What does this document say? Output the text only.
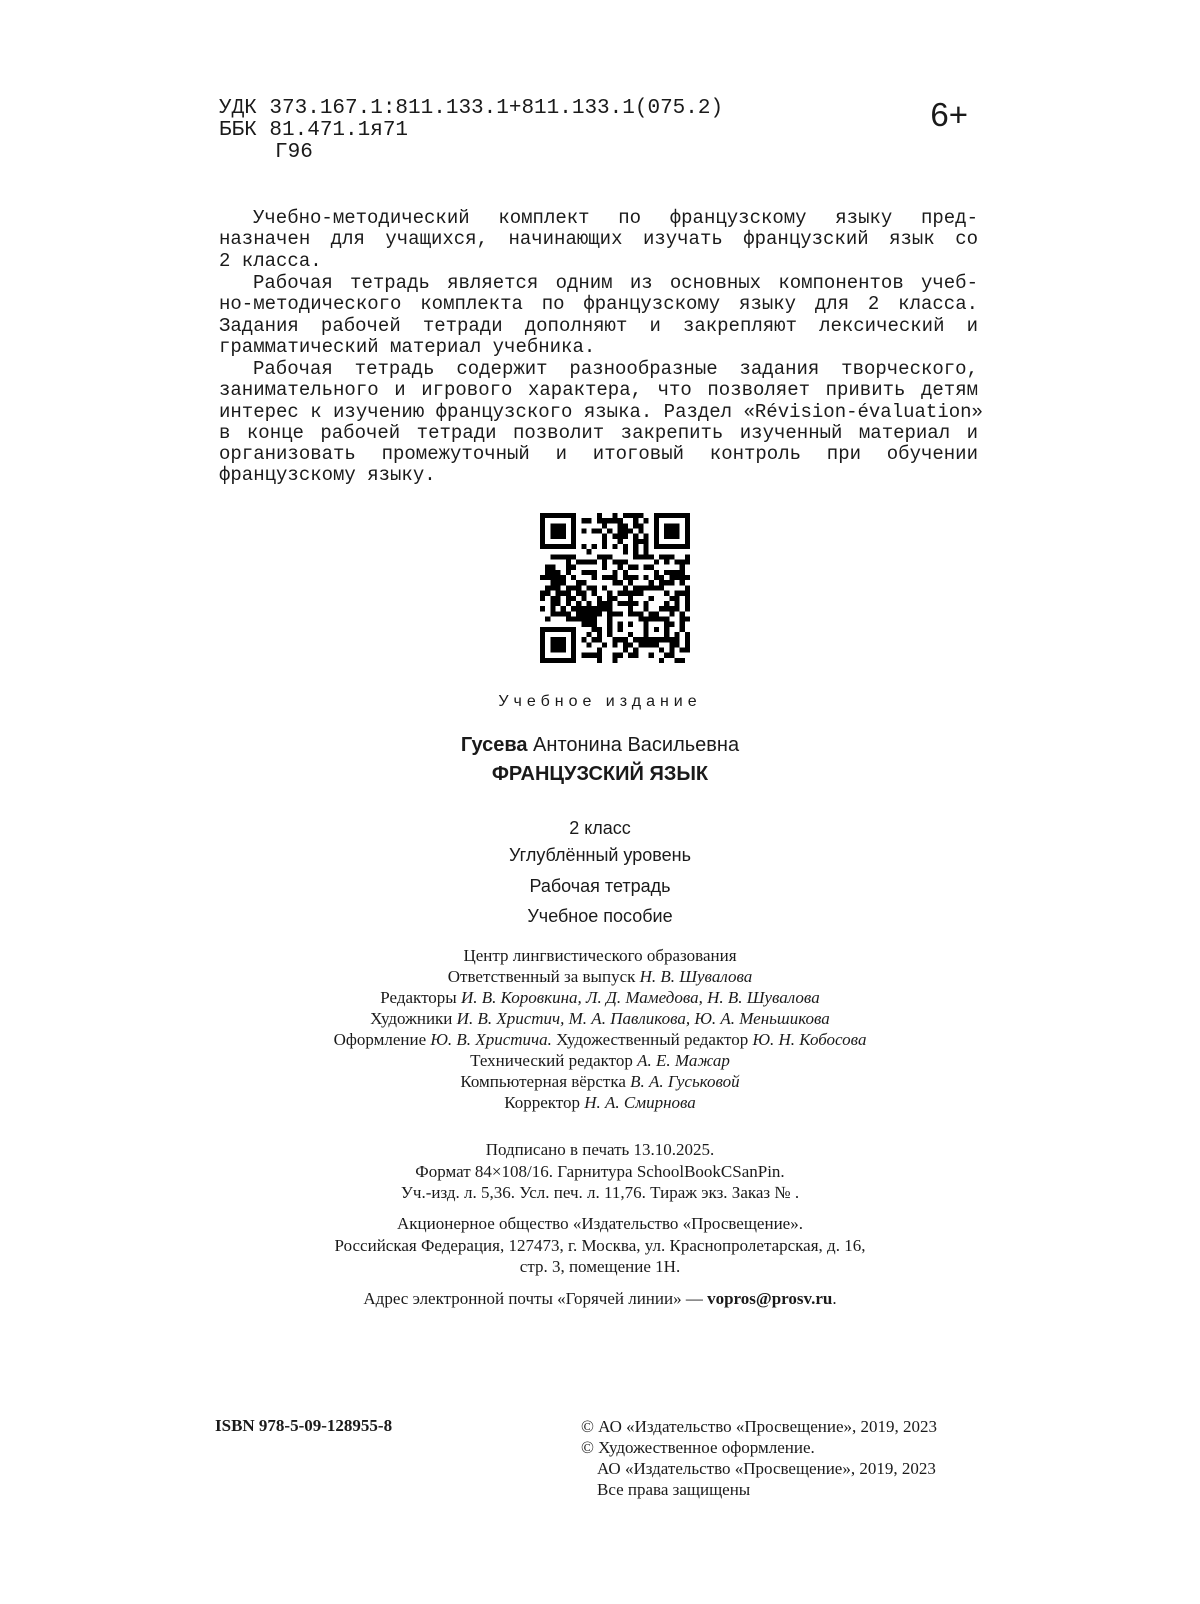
УДК 373.167.1:811.133.1+811.133.1(075.2)
ББК 81.471.1я71
Г96
6+
Учебно-методический комплект по французскому языку пред-
назначен для учащихся, начинающих изучать французский язык со
2 класса.
Рабочая тетрадь является одним из основных компонентов учеб-
но-методического комплекта по французскому языку для 2 класса.
Задания рабочей тетради дополняют и закрепляют лексический и
грамматический материал учебника.
Рабочая тетрадь содержит разнообразные задания творческого,
занимательного и игрового характера, что позволяет привить детям
интерес к изучению французского языка. Раздел «Révision-évaluation»
в конце рабочей тетради позволит закрепить изученный материал и
организовать промежуточный и итоговый контроль при обучении
французскому языку.
Учебное издание
Гусева Антонина Васильевна
ФРАНЦУЗСКИЙ ЯЗЫК
2 класс
Углублённый уровень
Рабочая тетрадь
Учебное пособие
Центр лингвистического образования
Ответственный за выпуск Н. В. Шувалова
Редакторы И. В. Коровкина, Л. Д. Мамедова, Н. В. Шувалова
Художники И. В. Христич, М. А. Павликова, Ю. А. Меньшикова
Оформление Ю. В. Христича. Художественный редактор Ю. Н. Кобосова
Технический редактор А. Е. Мажар
Компьютерная вёрстка В. А. Гуськовой
Корректор Н. А. Смирнова
Подписано в печать 13.10.2025.
Формат 84×108/16. Гарнитура SchoolBookCSanPin.
Уч.-изд. л. 5,36. Усл. печ. л. 11,76. Тираж экз. Заказ № .
Акционерное общество «Издательство «Просвещение».
Российская Федерация, 127473, г. Москва, ул. Краснопролетарская, д. 16,
стр. 3, помещение 1Н.
Адрес электронной почты «Горячей линии» — vopros@prosv.ru.
ISBN 978-5-09-128955-8	© АО «Издательство «Просвещение», 2019, 2023
© Художественное оформление.
АО «Издательство «Просвещение», 2019, 2023
Все права защищены
